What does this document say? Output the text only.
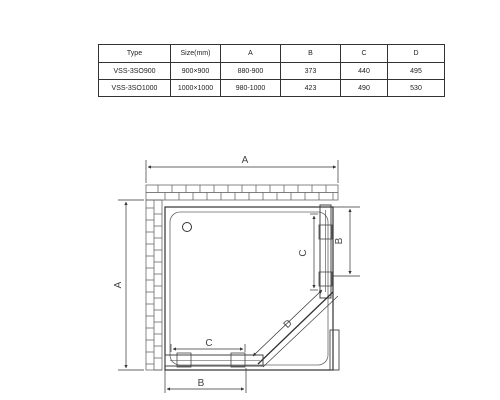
Type	Size(mm)	A	B	C	D
VSS-3SO900	900×900	880-900	373	440	495
VSS-3SO1000	1000×1000	980-1000	423	490	530
A
A
B
C
C
B
D
